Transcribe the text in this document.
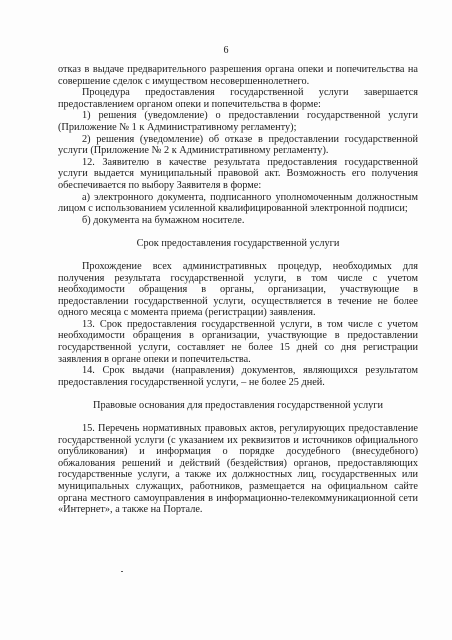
6

отказ в выдаче предварительного разрешения органа опеки и попечительства на совершение сделок с имуществом несовершеннолетнего.

Процедура предоставления государственной услуги завершается предоставлением органом опеки и попечительства в форме:

1) решения (уведомление) о предоставлении государственной услуги (Приложение № 1 к Административному регламенту);

2) решения (уведомление) об отказе в предоставлении государственной услуги (Приложение № 2 к Административному регламенту).

12. Заявителю в качестве результата предоставления государственной услуги выдается муниципальный правовой акт. Возможность его получения обеспечивается по выбору Заявителя в форме:

а) электронного документа, подписанного уполномоченным должностным лицом с использованием усиленной квалифицированной электронной подписи;

б) документа на бумажном носителе.

Срок предоставления государственной услуги

Прохождение всех административных процедур, необходимых для получения результата государственной услуги, в том числе с учетом необходимости обращения в органы, организации, участвующие в предоставлении государственной услуги, осуществляется в течение не более одного месяца с момента приема (регистрации) заявления.

13. Срок предоставления государственной услуги, в том числе с учетом необходимости обращения в организации, участвующие в предоставлении государственной услуги, составляет не более 15 дней со дня регистрации заявления в органе опеки и попечительства.

14. Срок выдачи (направления) документов, являющихся результатом предоставления государственной услуги, – не более 25 дней.

Правовые основания для предоставления государственной услуги

15. Перечень нормативных правовых актов, регулирующих предоставление государственной услуги (с указанием их реквизитов и источников официального опубликования) и информация о порядке досудебного (внесудебного) обжалования решений и действий (бездействия) органов, предоставляющих государственные услуги, а также их должностных лиц, государственных или муниципальных служащих, работников, размещается на официальном сайте органа местного самоуправления в информационно-телекоммуникационной сети «Интернет», а также на Портале.
